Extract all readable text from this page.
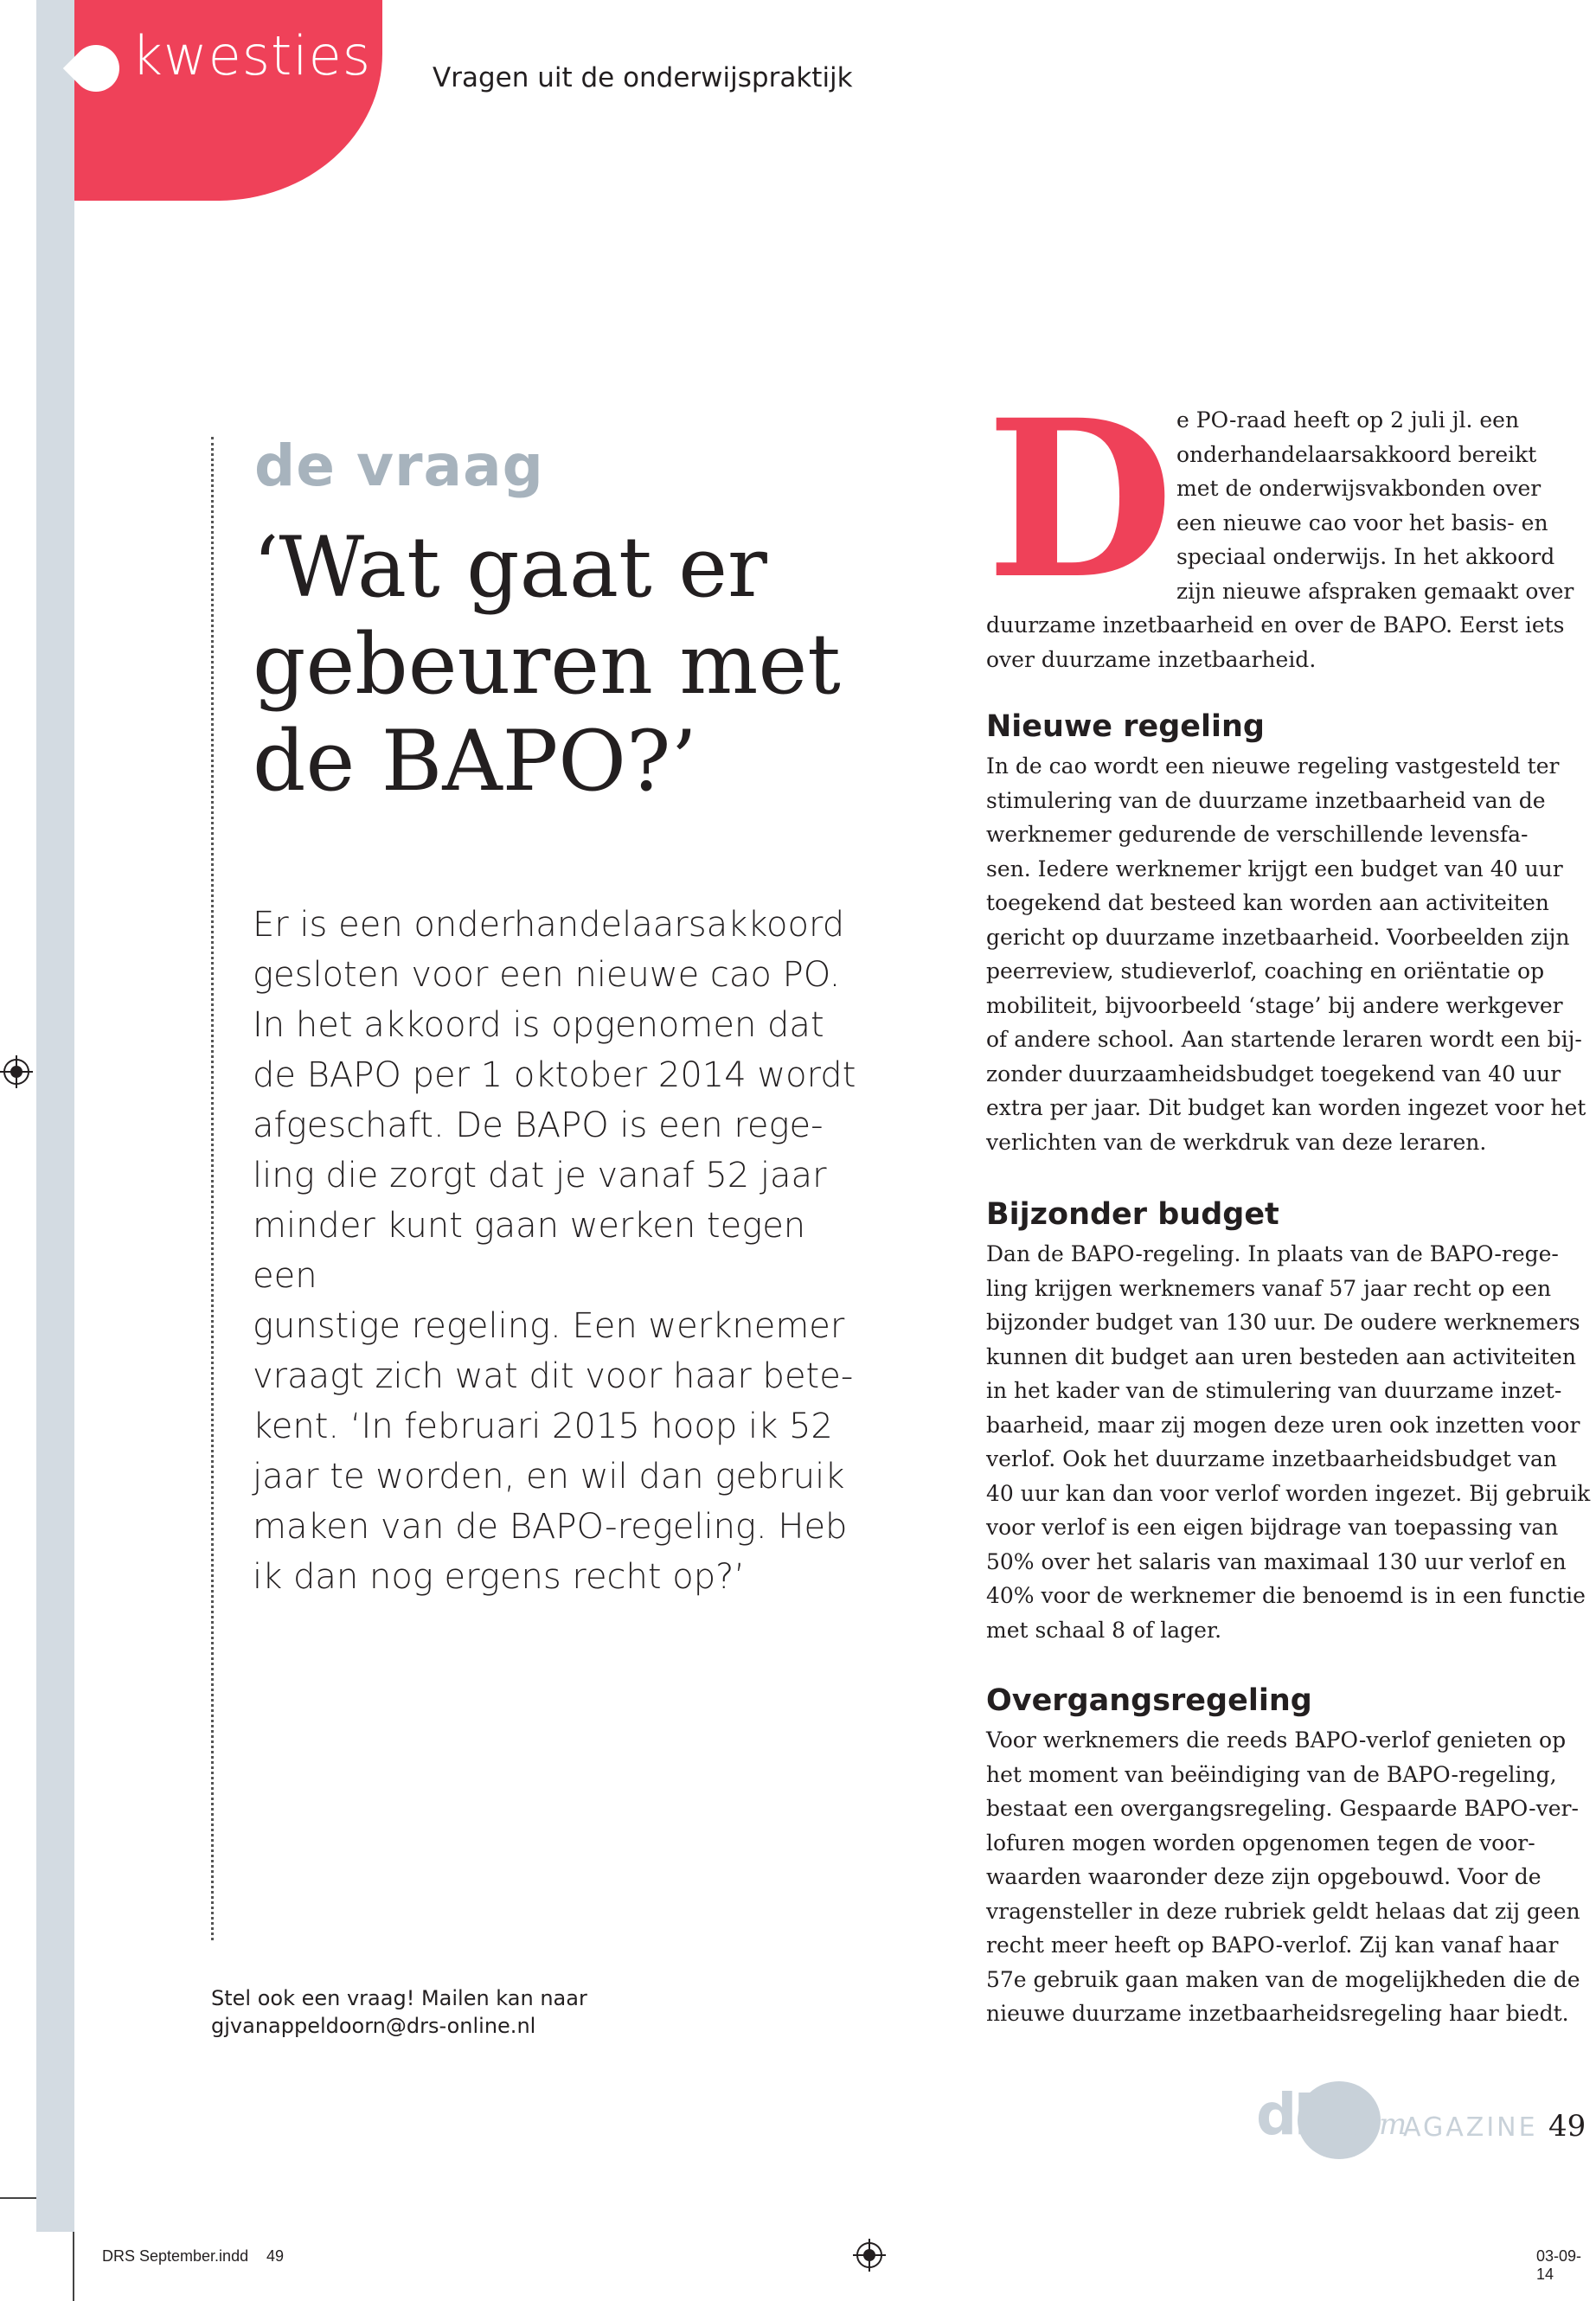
kwesties Vragen uit de onderwijspraktijk
de vraag
‘Wat gaat er
gebeuren met
de BAPO?’
Er is een onderhandelaarsakkoord
gesloten voor een nieuwe cao PO.
In het akkoord is opgenomen dat
de BAPO per 1 oktober 2014 wordt
afgeschaft. De BAPO is een rege-
ling die zorgt dat je vanaf 52 jaar
minder kunt gaan werken tegen een
gunstige regeling. Een werknemer
vraagt zich wat dit voor haar bete-
kent. ‘In februari 2015 hoop ik 52
jaar te worden, en wil dan gebruik
maken van de BAPO-regeling. Heb
ik dan nog ergens recht op?’
Stel ook een vraag! Mailen kan naar
gjvanappeldoorn@drs-online.nl
D e PO-raad heeft op 2 juli jl. een
onderhandelaarsakkoord bereikt
met de onderwijsvakbonden over
een nieuwe cao voor het basis- en
speciaal onderwijs. In het akkoord
zijn nieuwe afspraken gemaakt over
duurzame inzetbaarheid en over de BAPO. Eerst iets
over duurzame inzetbaarheid.
Nieuwe regeling
In de cao wordt een nieuwe regeling vastgesteld ter
stimulering van de duurzame inzetbaarheid van de
werknemer gedurende de verschillende levensfa-
sen. Iedere werknemer krijgt een budget van 40 uur
toegekend dat besteed kan worden aan activiteiten
gericht op duurzame inzetbaarheid. Voorbeelden zijn
peerreview, studieverlof, coaching en oriëntatie op
mobiliteit, bijvoorbeeld ‘stage’ bij andere werkgever
of andere school. Aan startende leraren wordt een bij-
zonder duurzaamheidsbudget toegekend van 40 uur
extra per jaar. Dit budget kan worden ingezet voor het
verlichten van de werkdruk van deze leraren.
Bijzonder budget
Dan de BAPO-regeling. In plaats van de BAPO-rege-
ling krijgen werknemers vanaf 57 jaar recht op een
bijzonder budget van 130 uur. De oudere werknemers
kunnen dit budget aan uren besteden aan activiteiten
in het kader van de stimulering van duurzame inzet-
baarheid, maar zij mogen deze uren ook inzetten voor
verlof. Ook het duurzame inzetbaarheidsbudget van
40 uur kan dan voor verlof worden ingezet. Bij gebruik
voor verlof is een eigen bijdrage van toepassing van
50% over het salaris van maximaal 130 uur verlof en
40% voor de werknemer die benoemd is in een functie
met schaal 8 of lager.
Overgangsregeling
Voor werknemers die reeds BAPO-verlof genieten op
het moment van beëindiging van de BAPO-regeling,
bestaat een overgangsregeling. Gespaarde BAPO-ver-
lofuren mogen worden opgenomen tegen de voor-
waarden waaronder deze zijn opgebouwd. Voor de
vragensteller in deze rubriek geldt helaas dat zij geen
recht meer heeft op BAPO-verlof. Zij kan vanaf haar
57e gebruik gaan maken van de mogelijkheden die de
nieuwe duurzame inzetbaarheidsregeling haar biedt.
dRS m
AGAZINE 49
DRS September.indd 49	03-09-14
